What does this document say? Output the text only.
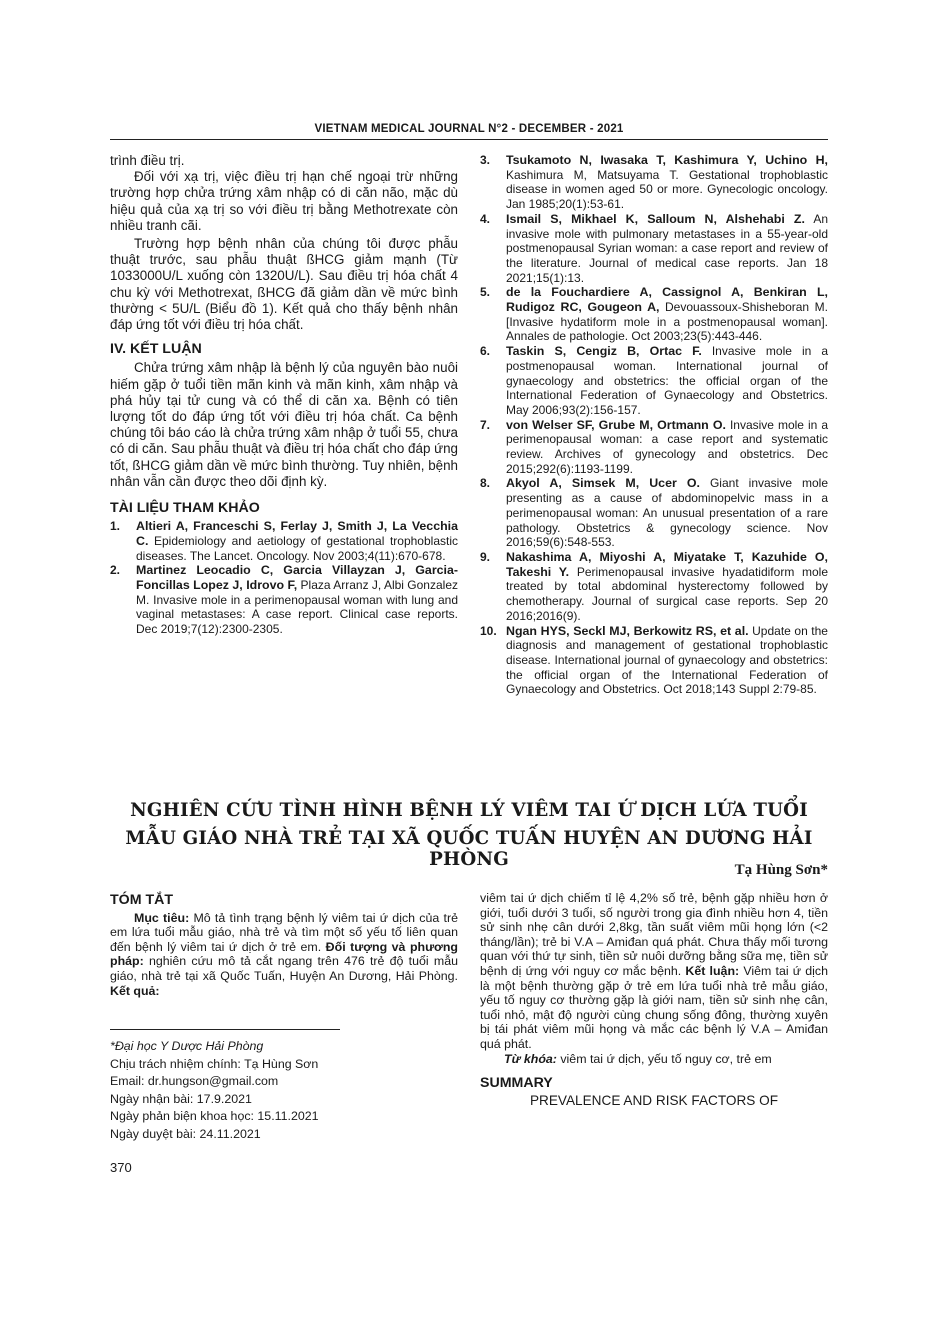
VIETNAM MEDICAL JOURNAL N°2 - DECEMBER - 2021

trình điều trị.

Đối với xạ trị, việc điều trị hạn chế ngoại trừ những trường hợp chửa trứng xâm nhập có di căn não, mặc dù hiệu quả của xạ trị so với điều trị bằng Methotrexate còn nhiều tranh cãi.

Trường hợp bệnh nhân của chúng tôi được phẫu thuật trước, sau phẫu thuật ßHCG giảm mạnh (Từ 1033000U/L xuống còn 1320U/L). Sau điều trị hóa chất 4 chu kỳ với Methotrexat, ßHCG đã giảm dần về mức bình thường < 5U/L (Biểu đồ 1). Kết quả cho thấy bệnh nhân đáp ứng tốt với điều trị hóa chất.

IV. KẾT LUẬN

Chửa trứng xâm nhập là bệnh lý của nguyên bào nuôi hiếm gặp ở tuổi tiền mãn kinh và mãn kinh, xâm nhập và phá hủy tại tử cung và có thể di căn xa. Bệnh có tiên lượng tốt do đáp ứng tốt với điều trị hóa chất. Ca bệnh chúng tôi báo cáo là chửa trứng xâm nhập ở tuổi 55, chưa có di căn. Sau phẫu thuật và điều trị hóa chất cho đáp ứng tốt, ßHCG giảm dần về mức bình thường. Tuy nhiên, bệnh nhân vẫn cần được theo dõi định kỳ.

TÀI LIỆU THAM KHẢO

1.	Altieri A, Franceschi S, Ferlay J, Smith J, La Vecchia C. Epidemiology and aetiology of gestational trophoblastic diseases. The Lancet. Oncology. Nov 2003;4(11):670-678.
2.	Martinez Leocadio C, Garcia Villayzan J, Garcia-Foncillas Lopez J, Idrovo F, Plaza Arranz J, Albi Gonzalez M. Invasive mole in a perimenopausal woman with lung and vaginal metastases: A case report. Clinical case reports. Dec 2019;7(12):2300-2305.
3.	Tsukamoto N, Iwasaka T, Kashimura Y, Uchino H, Kashimura M, Matsuyama T. Gestational trophoblastic disease in women aged 50 or more. Gynecologic oncology. Jan 1985;20(1):53-61.
4.	Ismail S, Mikhael K, Salloum N, Alshehabi Z. An invasive mole with pulmonary metastases in a 55-year-old postmenopausal Syrian woman: a case report and review of the literature. Journal of medical case reports. Jan 18 2021;15(1):13.
5.	de la Fouchardiere A, Cassignol A, Benkiran L, Rudigoz RC, Gougeon A, Devouassoux-Shisheboran M. [Invasive hydatiform mole in a postmenopausal woman]. Annales de pathologie. Oct 2003;23(5):443-446.
6.	Taskin S, Cengiz B, Ortac F. Invasive mole in a postmenopausal woman. International journal of gynaecology and obstetrics: the official organ of the International Federation of Gynaecology and Obstetrics. May 2006;93(2):156-157.
7.	von Welser SF, Grube M, Ortmann O. Invasive mole in a perimenopausal woman: a case report and systematic review. Archives of gynecology and obstetrics. Dec 2015;292(6):1193-1199.
8.	Akyol A, Simsek M, Ucer O. Giant invasive mole presenting as a cause of abdominopelvic mass in a perimenopausal woman: An unusual presentation of a rare pathology. Obstetrics & gynecology science. Nov 2016;59(6):548-553.
9.	Nakashima A, Miyoshi A, Miyatake T, Kazuhide O, Takeshi Y. Perimenopausal invasive hyadatidiform mole treated by total abdominal hysterectomy followed by chemotherapy. Journal of surgical case reports. Sep 20 2016;2016(9).
10. Ngan HYS, Seckl MJ, Berkowitz RS, et al. Update on the diagnosis and management of gestational trophoblastic disease. International journal of gynaecology and obstetrics: the official organ of the International Federation of Gynaecology and Obstetrics. Oct 2018;143 Suppl 2:79-85.
NGHIÊN CỨU TÌNH HÌNH BỆNH LÝ VIÊM TAI Ứ DỊCH LỨA TUỔI
MẪU GIÁO NHÀ TRẺ TẠI XÃ QUỐC TUẤN HUYỆN AN DƯƠNG HẢI PHÒNG	Tạ Hùng Sơn*

TÓM TẮT

Mục tiêu: Mô tả tình trạng bệnh lý viêm tai ứ dịch của trẻ em lứa tuổi mẫu giáo, nhà trẻ và tìm một số yếu tố liên quan đến bệnh lý viêm tai ứ dịch ở trẻ em. Đối tượng và phương pháp: nghiên cứu mô tả cắt ngang trên 476 trẻ độ tuổi mẫu giáo, nhà trẻ tại xã Quốc Tuấn, Huyện An Dương, Hải Phòng. Kết quả:

*Đại học Y Dược Hải Phòng
Chịu trách nhiệm chính: Tạ Hùng Sơn
Email: dr.hungson@gmail.com
Ngày nhận bài: 17.9.2021
Ngày phản biện khoa học: 15.11.2021
Ngày duyệt bài: 24.11.2021

viêm tai ứ dịch chiếm tỉ lệ 4,2% số trẻ, bệnh gặp nhiều hơn ở giới, tuổi dưới 3 tuổi, số người trong gia đình nhiều hơn 4, tiền sử sinh nhẹ cân dưới 2,8kg, tần suất viêm mũi họng lớn (<2 tháng/lần); trẻ bi V.A – Amiđan quá phát. Chưa thấy mối tương quan với thứ tự sinh, tiền sử nuôi dưỡng bằng sữa mẹ, tiền sử bệnh dị ứng với nguy cơ mắc bệnh. Kết luận: Viêm tai ứ dịch là một bệnh thường gặp ở trẻ em lứa tuổi nhà trẻ mẫu giáo, yếu tố nguy cơ thường gặp là giới nam, tiền sử sinh nhẹ cân, tuổi nhỏ, mật độ người cùng chung sống đông, thường xuyên bị tái phát viêm mũi họng và mắc các bệnh lý V.A – Amiđan quá phát.

Từ khóa: viêm tai ứ dịch, yếu tố nguy cơ, trẻ em

SUMMARY

PREVALENCE AND RISK FACTORS OF

370
